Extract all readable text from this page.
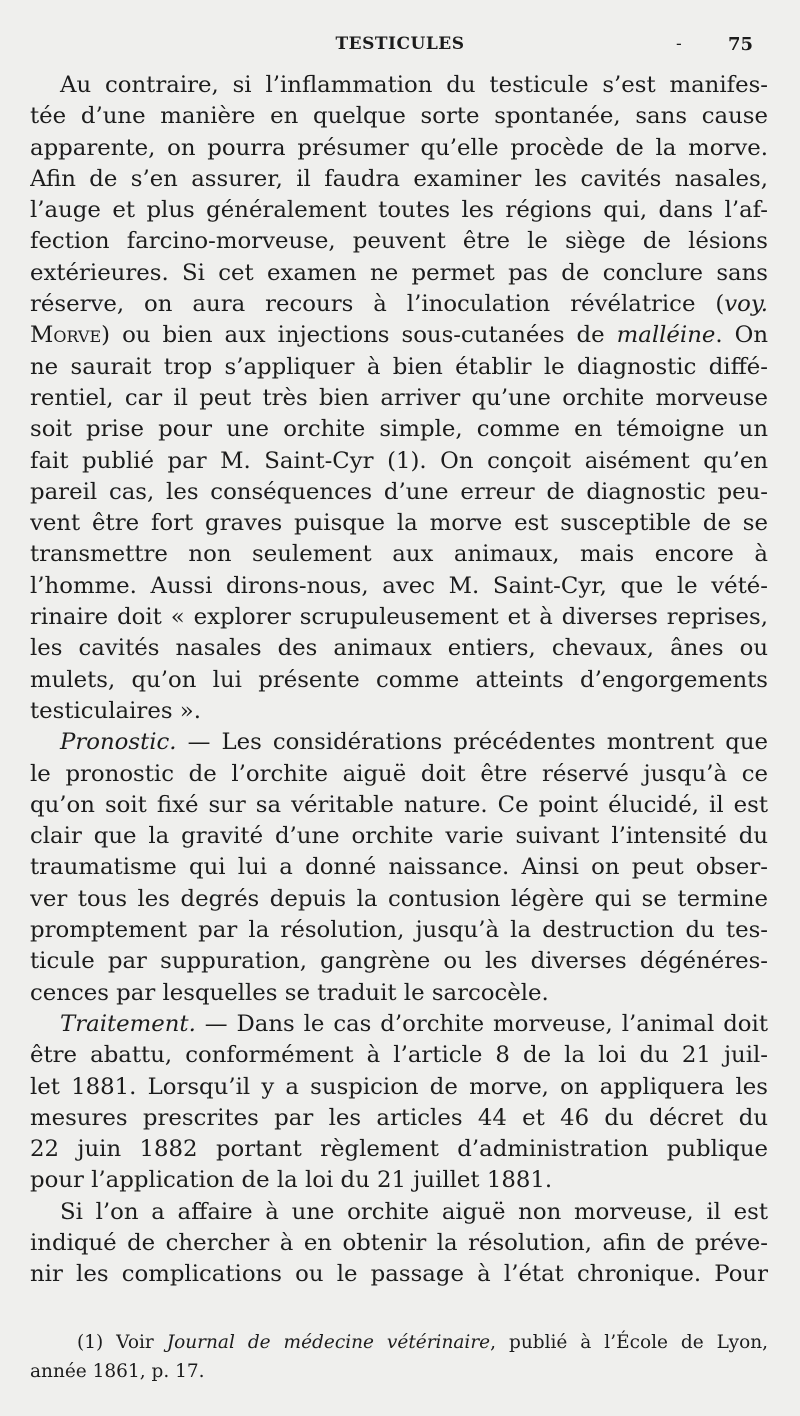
TESTICULES	-	75
Au contraire, si l’inflammation du testicule s’est manifes-
tée d’une manière en quelque sorte spontanée, sans cause
apparente, on pourra présumer qu’elle procède de la morve.
Afin de s’en assurer, il faudra examiner les cavités nasales,
l’auge et plus généralement toutes les régions qui, dans l’af-
fection farcino-morveuse, peuvent être le siège de lésions
extérieures. Si cet examen ne permet pas de conclure sans
réserve, on aura recours à l’inoculation révélatrice (voy.
Morve) ou bien aux injections sous-cutanées de malléine. On
ne saurait trop s’appliquer à bien établir le diagnostic diffé-
rentiel, car il peut très bien arriver qu’une orchite morveuse
soit prise pour une orchite simple, comme en témoigne un
fait publié par M. Saint-Cyr (1). On conçoit aisément qu’en
pareil cas, les conséquences d’une erreur de diagnostic peu-
vent être fort graves puisque la morve est susceptible de se
transmettre non seulement aux animaux, mais encore à
l’homme. Aussi dirons-nous, avec M. Saint-Cyr, que le vété-
rinaire doit « explorer scrupuleusement et à diverses reprises,
les cavités nasales des animaux entiers, chevaux, ânes ou
mulets, qu’on lui présente comme atteints d’engorgements
testiculaires ».
Pronostic. — Les considérations précédentes montrent que
le pronostic de l’orchite aiguë doit être réservé jusqu’à ce
qu’on soit fixé sur sa véritable nature. Ce point élucidé, il est
clair que la gravité d’une orchite varie suivant l’intensité du
traumatisme qui lui a donné naissance. Ainsi on peut obser-
ver tous les degrés depuis la contusion légère qui se termine
promptement par la résolution, jusqu’à la destruction du tes-
ticule par suppuration, gangrène ou les diverses dégénéres-
cences par lesquelles se traduit le sarcocèle.
Traitement. — Dans le cas d’orchite morveuse, l’animal doit
être abattu, conformément à l’article 8 de la loi du 21 juil-
let 1881. Lorsqu’il y a suspicion de morve, on appliquera les
mesures prescrites par les articles 44 et 46 du décret du
22 juin 1882 portant règlement d’administration publique
pour l’application de la loi du 21 juillet 1881.
Si l’on a affaire à une orchite aiguë non morveuse, il est
indiqué de chercher à en obtenir la résolution, afin de préve-
nir les complications ou le passage à l’état chronique. Pour
(1) Voir Journal de médecine vétérinaire, publié à l’École de Lyon,
année 1861, p. 17.
